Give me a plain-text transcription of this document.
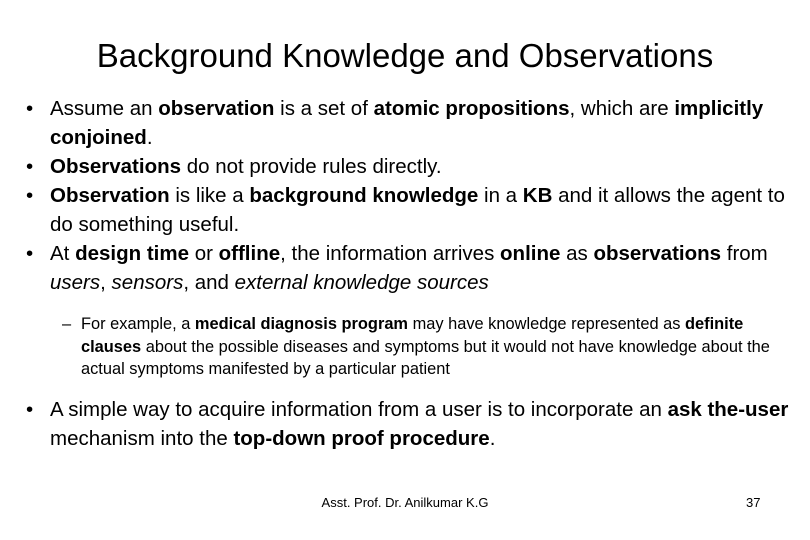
Background Knowledge and Observations
• Assume an observation is a set of atomic propositions, which are implicitly conjoined.
• Observations do not provide rules directly.
• Observation is like a background knowledge in a KB and it allows the agent to do something useful.
• At design time or offline, the information arrives online as observations from users, sensors, and external knowledge sources
– For example, a medical diagnosis program may have knowledge represented as definite clauses about the possible diseases and symptoms but it would not have knowledge about the actual symptoms manifested by a particular patient
• A simple way to acquire information from a user is to incorporate an ask the-user mechanism into the top-down proof procedure.
Asst. Prof. Dr. Anilkumar K.G	37
